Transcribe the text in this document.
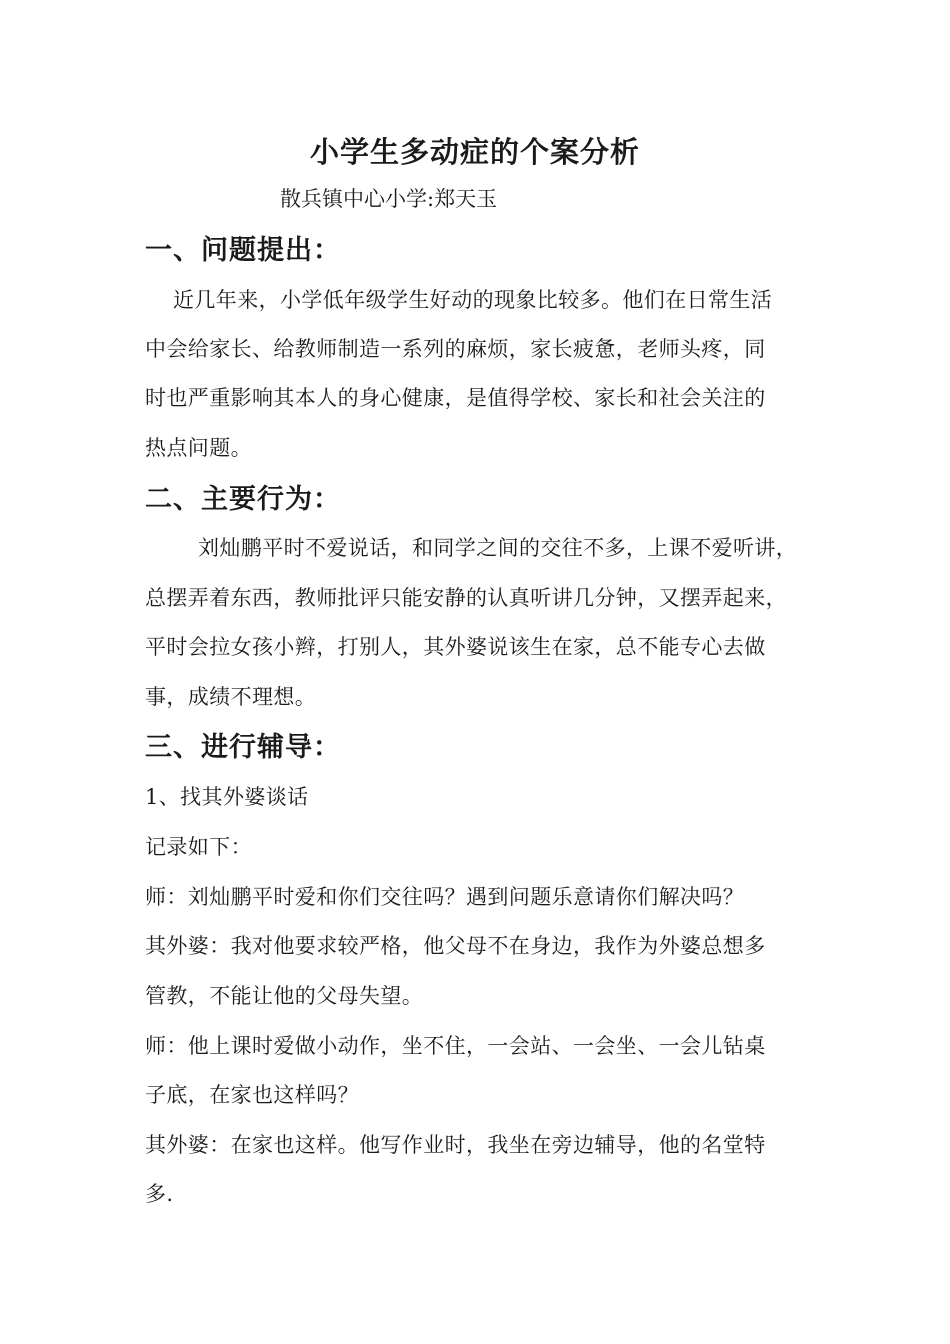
小学生多动症的个案分析
散兵镇中心小学:郑天玉
一、问题提出：
近几年来，小学低年级学生好动的现象比较多。他们在日常生活
中会给家长、给教师制造一系列的麻烦，家长疲惫，老师头疼，同
时也严重影响其本人的身心健康，是值得学校、家长和社会关注的
热点问题。
二、主要行为：
刘灿鹏平时不爱说话，和同学之间的交往不多，上课不爱听讲，
总摆弄着东西，教师批评只能安静的认真听讲几分钟，又摆弄起来，
平时会拉女孩小辫，打别人，其外婆说该生在家，总不能专心去做
事，成绩不理想。
三、进行辅导：
1、找其外婆谈话
记录如下：
师：刘灿鹏平时爱和你们交往吗？遇到问题乐意请你们解决吗？
其外婆：我对他要求较严格，他父母不在身边，我作为外婆总想多
管教，不能让他的父母失望。
师：他上课时爱做小动作，坐不住，一会站、一会坐、一会儿钻桌
子底，在家也这样吗？
其外婆：在家也这样。他写作业时，我坐在旁边辅导，他的名堂特
多.
